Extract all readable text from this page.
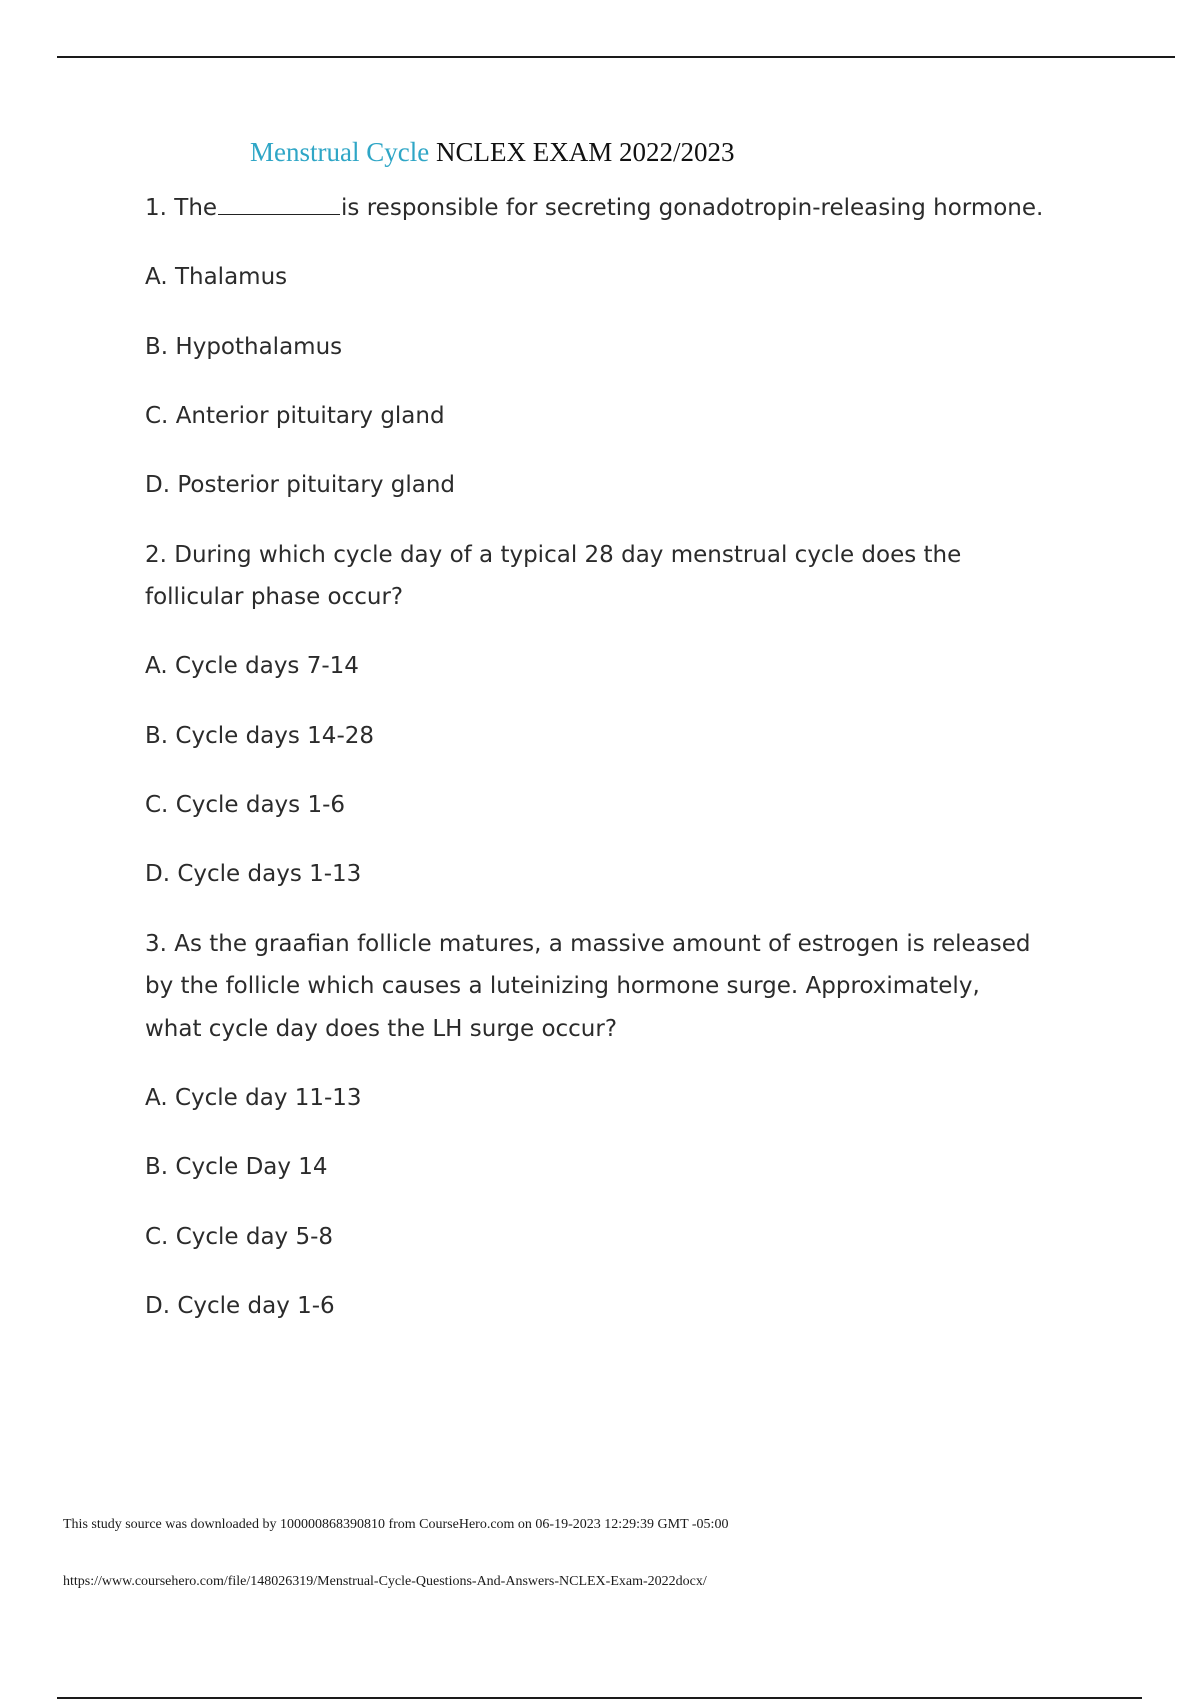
Menstrual Cycle NCLEX EXAM 2022/2023

1. The	is responsible for secreting gonadotropin-releasing hormone.

A. Thalamus

B. Hypothalamus

C. Anterior pituitary gland

D. Posterior pituitary gland

2. During which cycle day of a typical 28 day menstrual cycle does the

follicular phase occur?

A. Cycle days 7-14

B. Cycle days 14-28

C. Cycle days 1-6

D. Cycle days 1-13

3. As the graafian follicle matures, a massive amount of estrogen is released

by the follicle which causes a luteinizing hormone surge. Approximately,

what cycle day does the LH surge occur?

A. Cycle day 11-13

B. Cycle Day 14

C. Cycle day 5-8

D. Cycle day 1-6

This study source was downloaded by 100000868390810 from CourseHero.com on 06-19-2023 12:29:39 GMT -05:00

https://www.coursehero.com/file/148026319/Menstrual-Cycle-Questions-And-Answers-NCLEX-Exam-2022docx/
